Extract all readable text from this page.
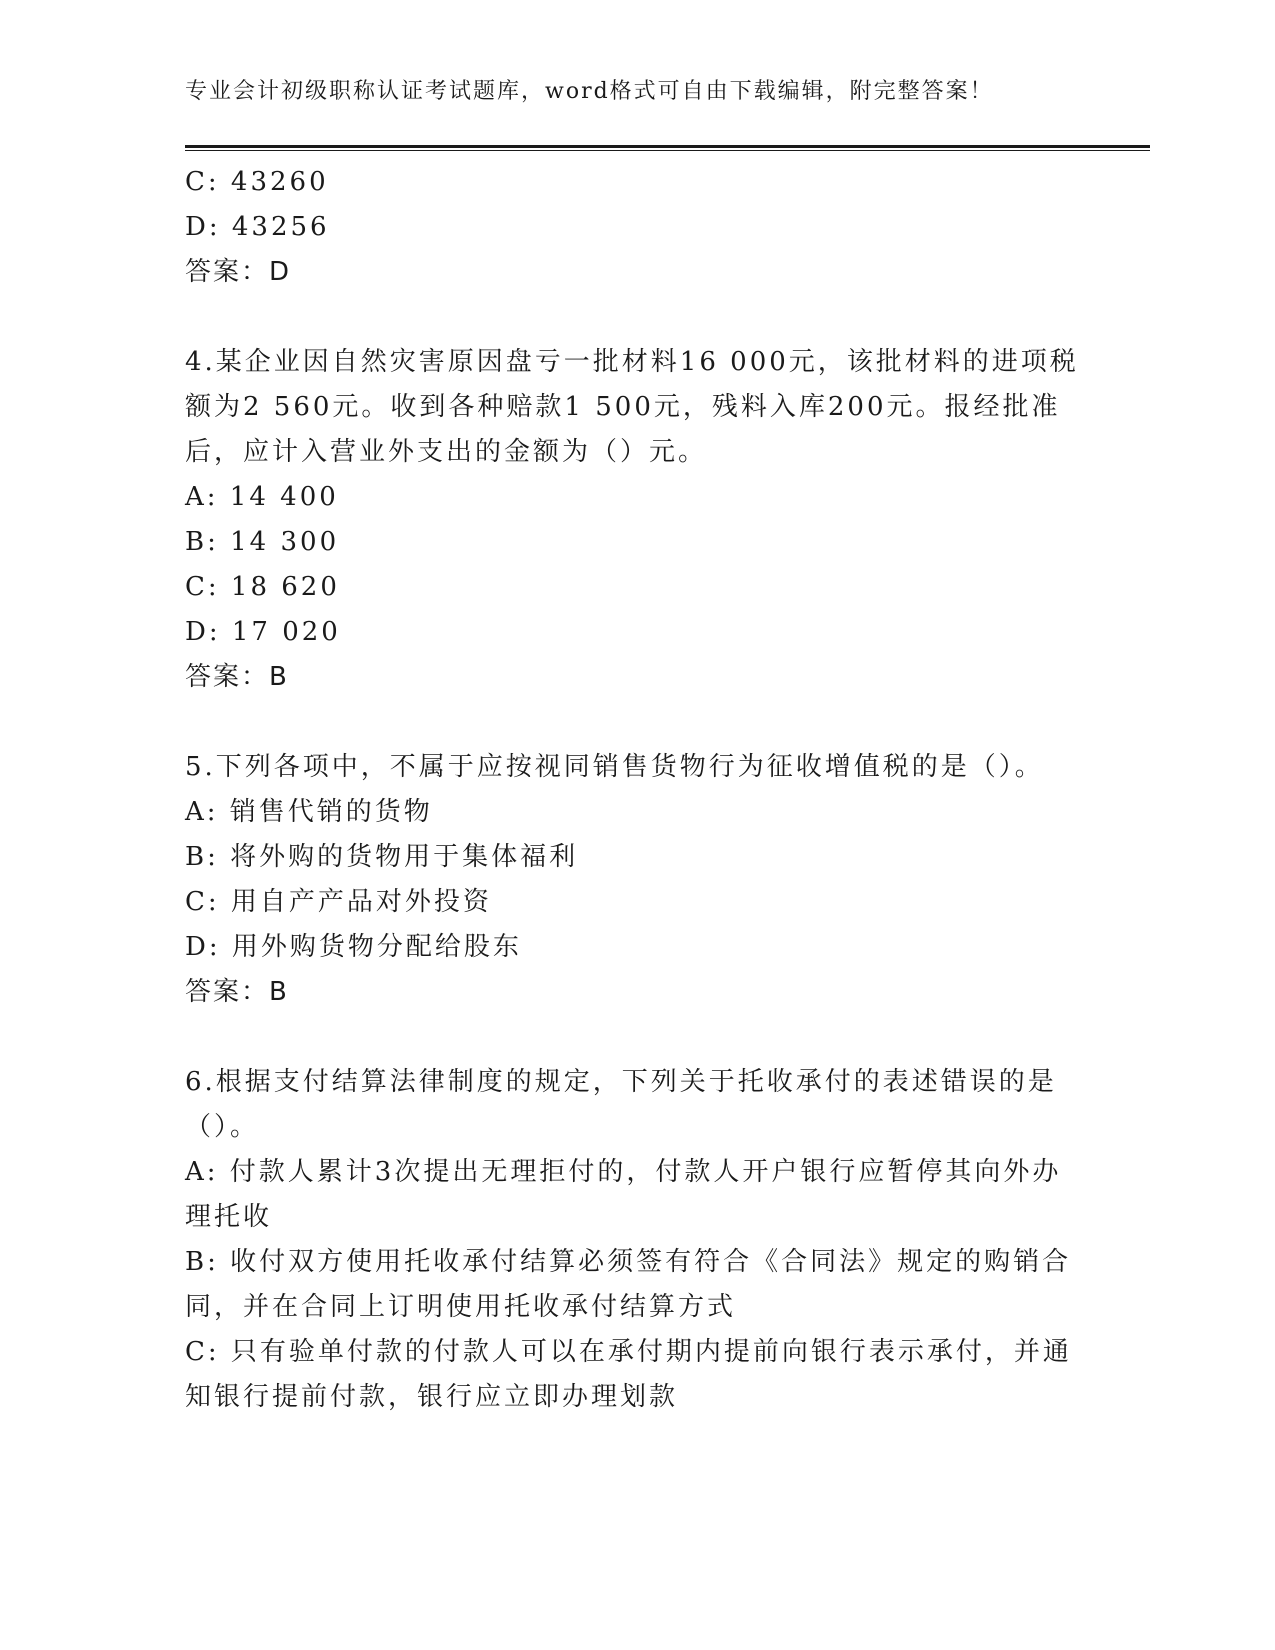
专业会计初级职称认证考试题库，word格式可自由下载编辑，附完整答案！
C: 43260
D: 43256
答案：D
4.某企业因自然灾害原因盘亏一批材料16 000元，该批材料的进项税
额为2 560元。收到各种赔款1 500元，残料入库200元。报经批准
后，应计入营业外支出的金额为（）元。
A: 14 400
B: 14 300
C: 18 620
D: 17 020
答案：B
5.下列各项中，不属于应按视同销售货物行为征收增值税的是（）。
A: 销售代销的货物
B: 将外购的货物用于集体福利
C: 用自产产品对外投资
D: 用外购货物分配给股东
答案：B
6.根据支付结算法律制度的规定，下列关于托收承付的表述错误的是
（）。
A: 付款人累计3次提出无理拒付的，付款人开户银行应暂停其向外办
理托收
B: 收付双方使用托收承付结算必须签有符合《合同法》规定的购销合
同，并在合同上订明使用托收承付结算方式
C: 只有验单付款的付款人可以在承付期内提前向银行表示承付，并通
知银行提前付款，银行应立即办理划款
